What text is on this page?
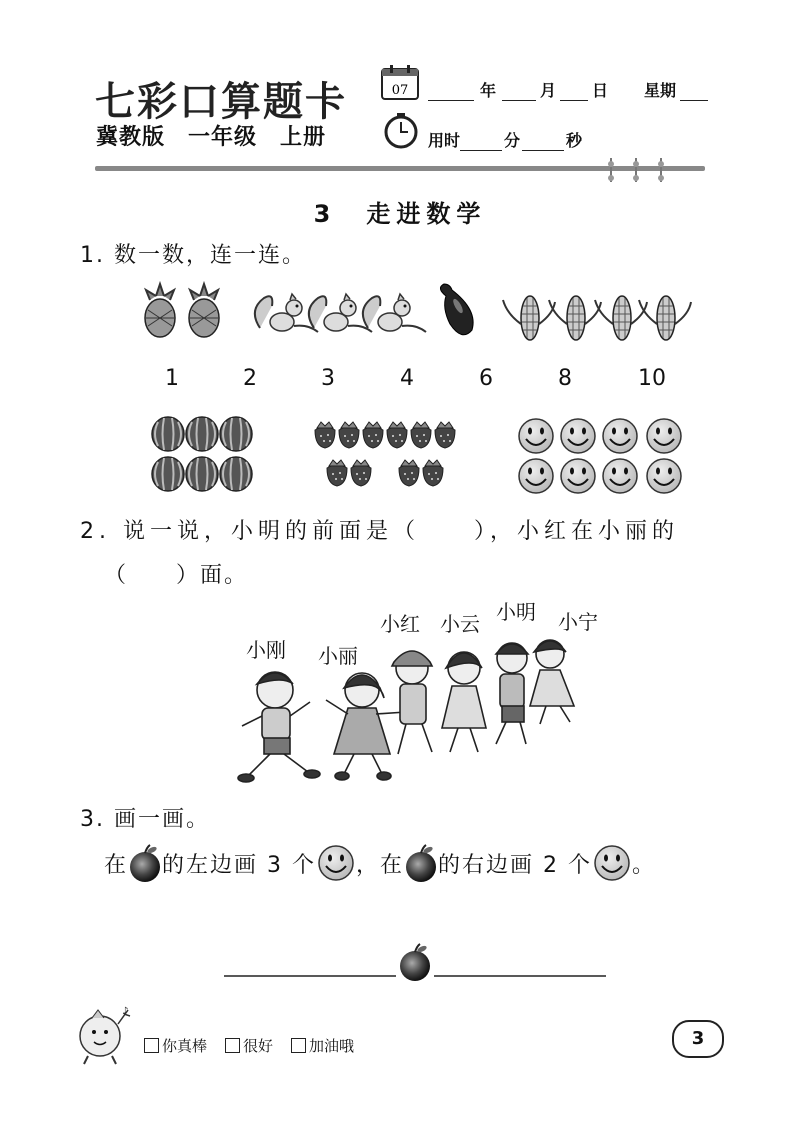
七彩口算题卡
冀教版　一年级　上册
07	年	月 日 星期
用时	分	秒
3　走进数学
1. 数一数，连一连。
1	2	3	4	6	8	10
2. 说一说，小明的前面是（　　），小红在小丽的
（　　）面。
小刚 小丽
小红 小云 小明 小宁
3. 画一画。
在 的左边画 3 个 ，在 的右边画 2 个 。
♪
你真棒 很好 加油哦	3
